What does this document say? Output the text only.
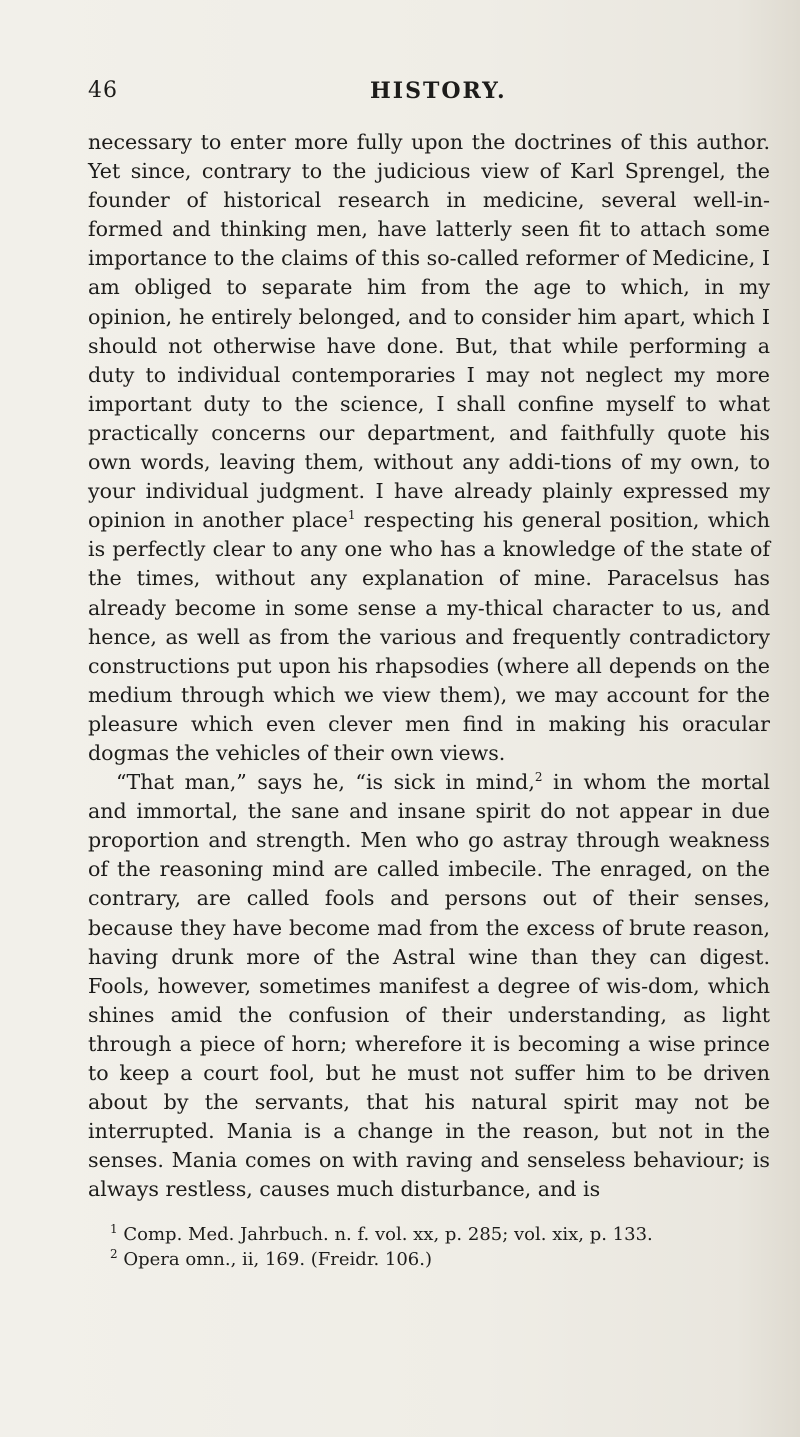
46	HISTORY.

necessary to enter more fully upon the doctrines of this author. Yet since, contrary to the judicious view of Karl Sprengel, the founder of historical research in medicine, several well-in-formed and thinking men, have latterly seen fit to attach some importance to the claims of this so-called reformer of Medicine, I am obliged to separate him from the age to which, in my opinion, he entirely belonged, and to consider him apart, which I should not otherwise have done. But, that while performing a duty to individual contemporaries I may not neglect my more important duty to the science, I shall confine myself to what practically concerns our department, and faithfully quote his own words, leaving them, without any addi-tions of my own, to your individual judgment. I have already plainly expressed my opinion in another place$^1$ respecting his general position, which is perfectly clear to any one who has a knowledge of the state of the times, without any explanation of mine. Paracelsus has already become in some sense a my-thical character to us, and hence, as well as from the various and frequently contradictory constructions put upon his rhapsodies (where all depends on the medium through which we view them), we may account for the pleasure which even clever men find in making his oracular dogmas the vehicles of their own views.

“That man,” says he, “is sick in mind,$^2$ in whom the mortal and immortal, the sane and insane spirit do not appear in due proportion and strength. Men who go astray through weakness of the reasoning mind are called imbecile. The enraged, on the contrary, are called fools and persons out of their senses, because they have become mad from the excess of brute reason, having drunk more of the Astral wine than they can digest. Fools, however, sometimes manifest a degree of wis-dom, which shines amid the confusion of their understanding, as light through a piece of horn; wherefore it is becoming a wise prince to keep a court fool, but he must not suffer him to be driven about by the servants, that his natural spirit may not be interrupted. Mania is a change in the reason, but not in the senses. Mania comes on with raving and senseless behaviour; is always restless, causes much disturbance, and is

$^1$ Comp. Med. Jahrbuch. n. f. vol. xx, p. 285; vol. xix, p. 133.

$^2$ Opera omn., ii, 169. (Freidr. 106.)
